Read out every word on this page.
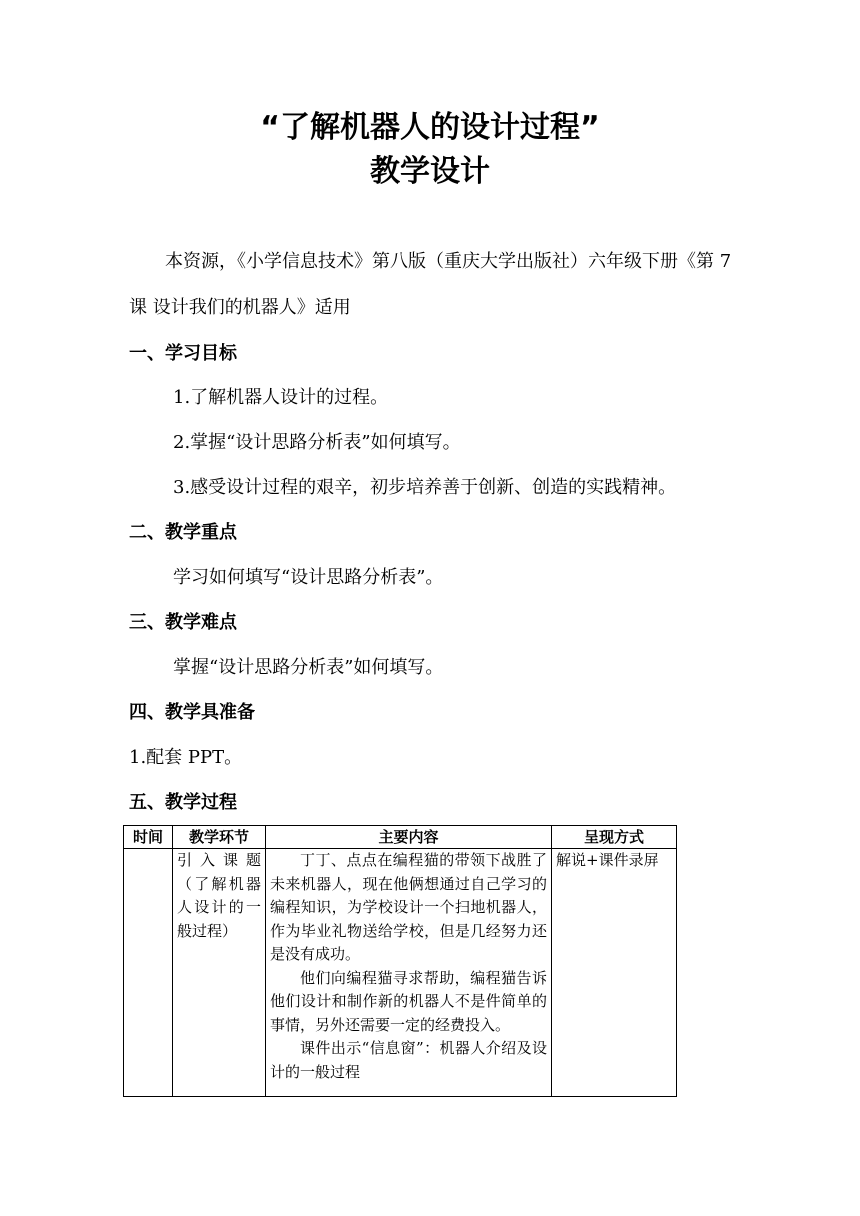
“了解机器人的设计过程”
教学设计
本资源，《小学信息技术》第八版（重庆大学出版社）六年级下册《第 7 课 设计我们的机器人》适用
一、学习目标
1.了解机器人设计的过程。
2.掌握“设计思路分析表”如何填写。
3.感受设计过程的艰辛，初步培养善于创新、创造的实践精神。
二、教学重点
学习如何填写“设计思路分析表”。
三、教学难点
掌握“设计思路分析表”如何填写。
四、教学具准备
1.配套 PPT。
五、教学过程
时间	教学环节	主要内容	呈现方式
	引入课题（了解机器人设计的一般过程）	丁丁、点点在编程猫的带领下战胜了未来机器人，现在他俩想通过自己学习的编程知识，为学校设计一个扫地机器人，作为毕业礼物送给学校，但是几经努力还是没有成功。

他们向编程猫寻求帮助，编程猫告诉他们设计和制作新的机器人不是件简单的事情，另外还需要一定的经费投入。

课件出示“信息窗”：机器人介绍及设计的一般过程	解说+课件录屏
